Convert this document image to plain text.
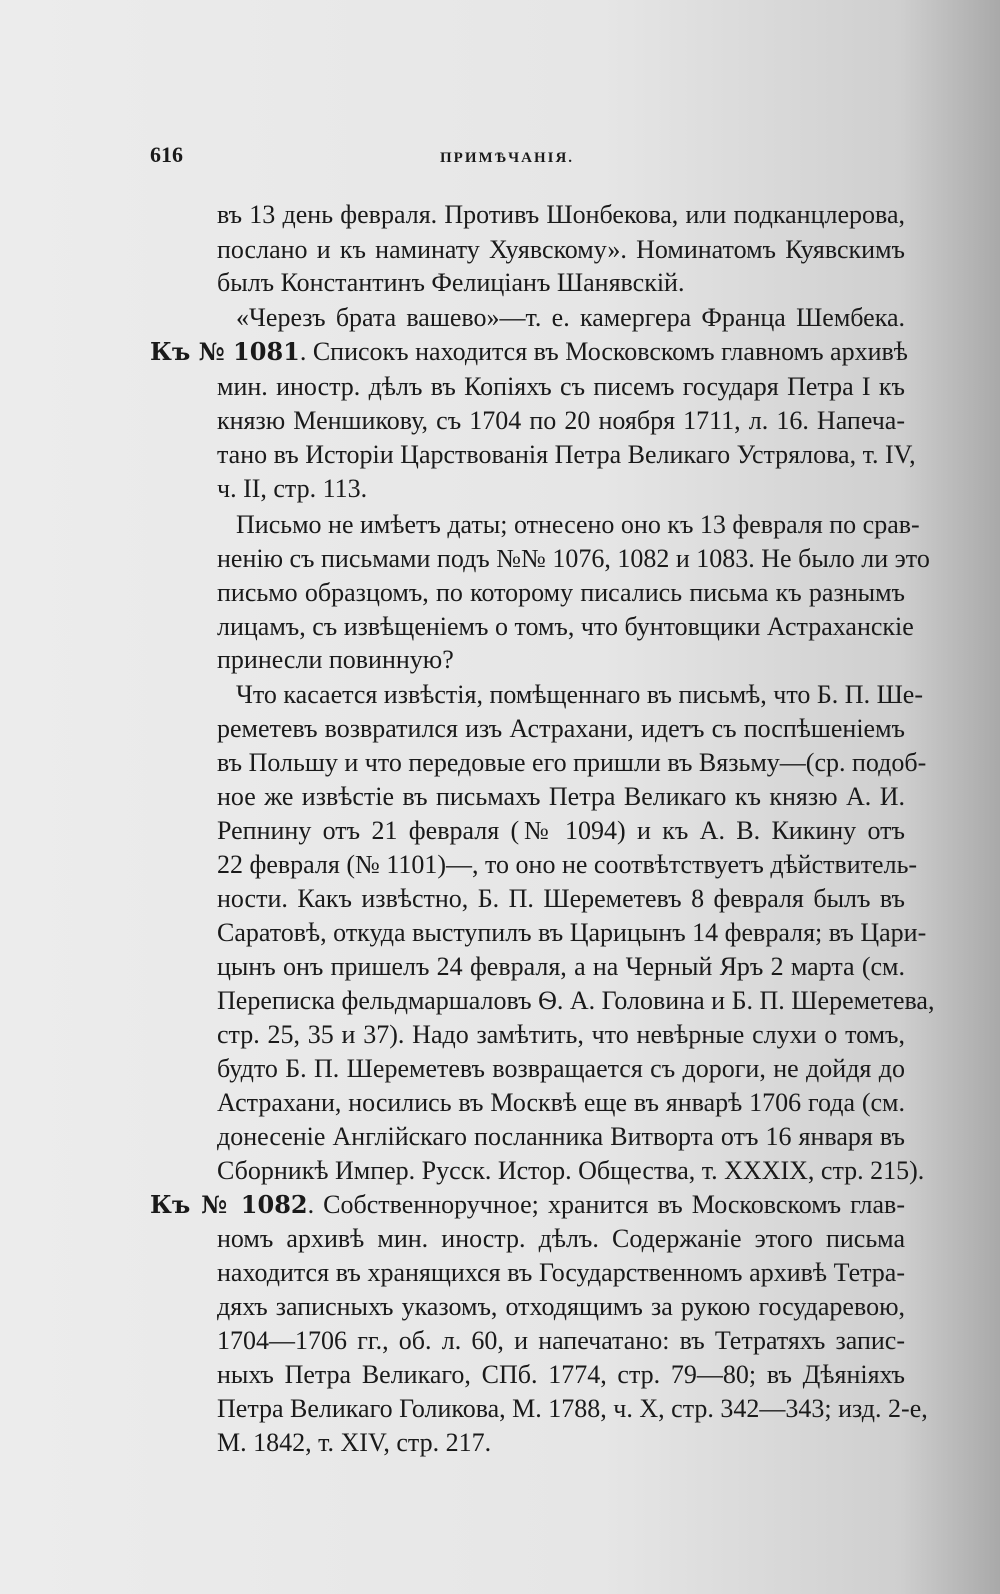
616	ПРИМѢЧАНІЯ.
въ 13 день февраля. Противъ Шонбекова, или подканцлерова,
послано и къ наминату Хуявскому». Номинатомъ Куявскимъ
былъ Константинъ Фелиціанъ Шанявскій.
«Черезъ брата вашево»—т. е. камергера Франца Шембека.
Къ № 1081. Списокъ находится въ Московскомъ главномъ архивѣ
мин. иностр. дѣлъ въ Копіяхъ съ писемъ государя Петра I къ
князю Меншикову, съ 1704 по 20 ноября 1711, л. 16. Напеча-
тано въ Исторіи Царствованія Петра Великаго Устрялова, т. IV,
ч. II, стр. 113.
Письмо не имѣетъ даты; отнесено оно къ 13 февраля по срав-
ненію съ письмами подъ №№ 1076, 1082 и 1083. Не было ли это
письмо образцомъ, по которому писались письма къ разнымъ
лицамъ, съ извѣщеніемъ о томъ, что бунтовщики Астраханскіе
принесли повинную?
Что касается извѣстія, помѣщеннаго въ письмѣ, что Б. П. Ше-
реметевъ возвратился изъ Астрахани, идетъ съ поспѣшеніемъ
въ Польшу и что передовые его пришли въ Вязьму—(ср. подоб-
ное же извѣстіе въ письмахъ Петра Великаго къ князю А. И.
Репнину отъ 21 февраля (№ 1094) и къ А. В. Кикину отъ
22 февраля (№ 1101)—, то оно не соотвѣтствуетъ дѣйствитель-
ности. Какъ извѣстно, Б. П. Шереметевъ 8 февраля былъ въ
Саратовѣ, откуда выступилъ въ Царицынъ 14 февраля; въ Цари-
цынъ онъ пришелъ 24 февраля, а на Черный Яръ 2 марта (см.
Переписка фельдмаршаловъ Ѳ. А. Головина и Б. П. Шереметева,
стр. 25, 35 и 37). Надо замѣтить, что невѣрные слухи о томъ,
будто Б. П. Шереметевъ возвращается съ дороги, не дойдя до
Астрахани, носились въ Москвѣ еще въ январѣ 1706 года (см.
донесеніе Англійскаго посланника Витворта отъ 16 января въ
Сборникѣ Импер. Русск. Истор. Общества, т. XXXIX, стр. 215).
Къ № 1082. Собственноручное; хранится въ Московскомъ глав-
номъ архивѣ мин. иностр. дѣлъ. Содержаніе этого письма
находится въ хранящихся въ Государственномъ архивѣ Тетра-
дяхъ записныхъ указомъ, отходящимъ за рукою государевою,
1704—1706 гг., об. л. 60, и напечатано: въ Тетратяхъ запис-
ныхъ Петра Великаго, СПб. 1774, стр. 79—80; въ Дѣяніяхъ
Петра Великаго Голикова, М. 1788, ч. X, стр. 342—343; изд. 2-е,
М. 1842, т. XIV, стр. 217.
